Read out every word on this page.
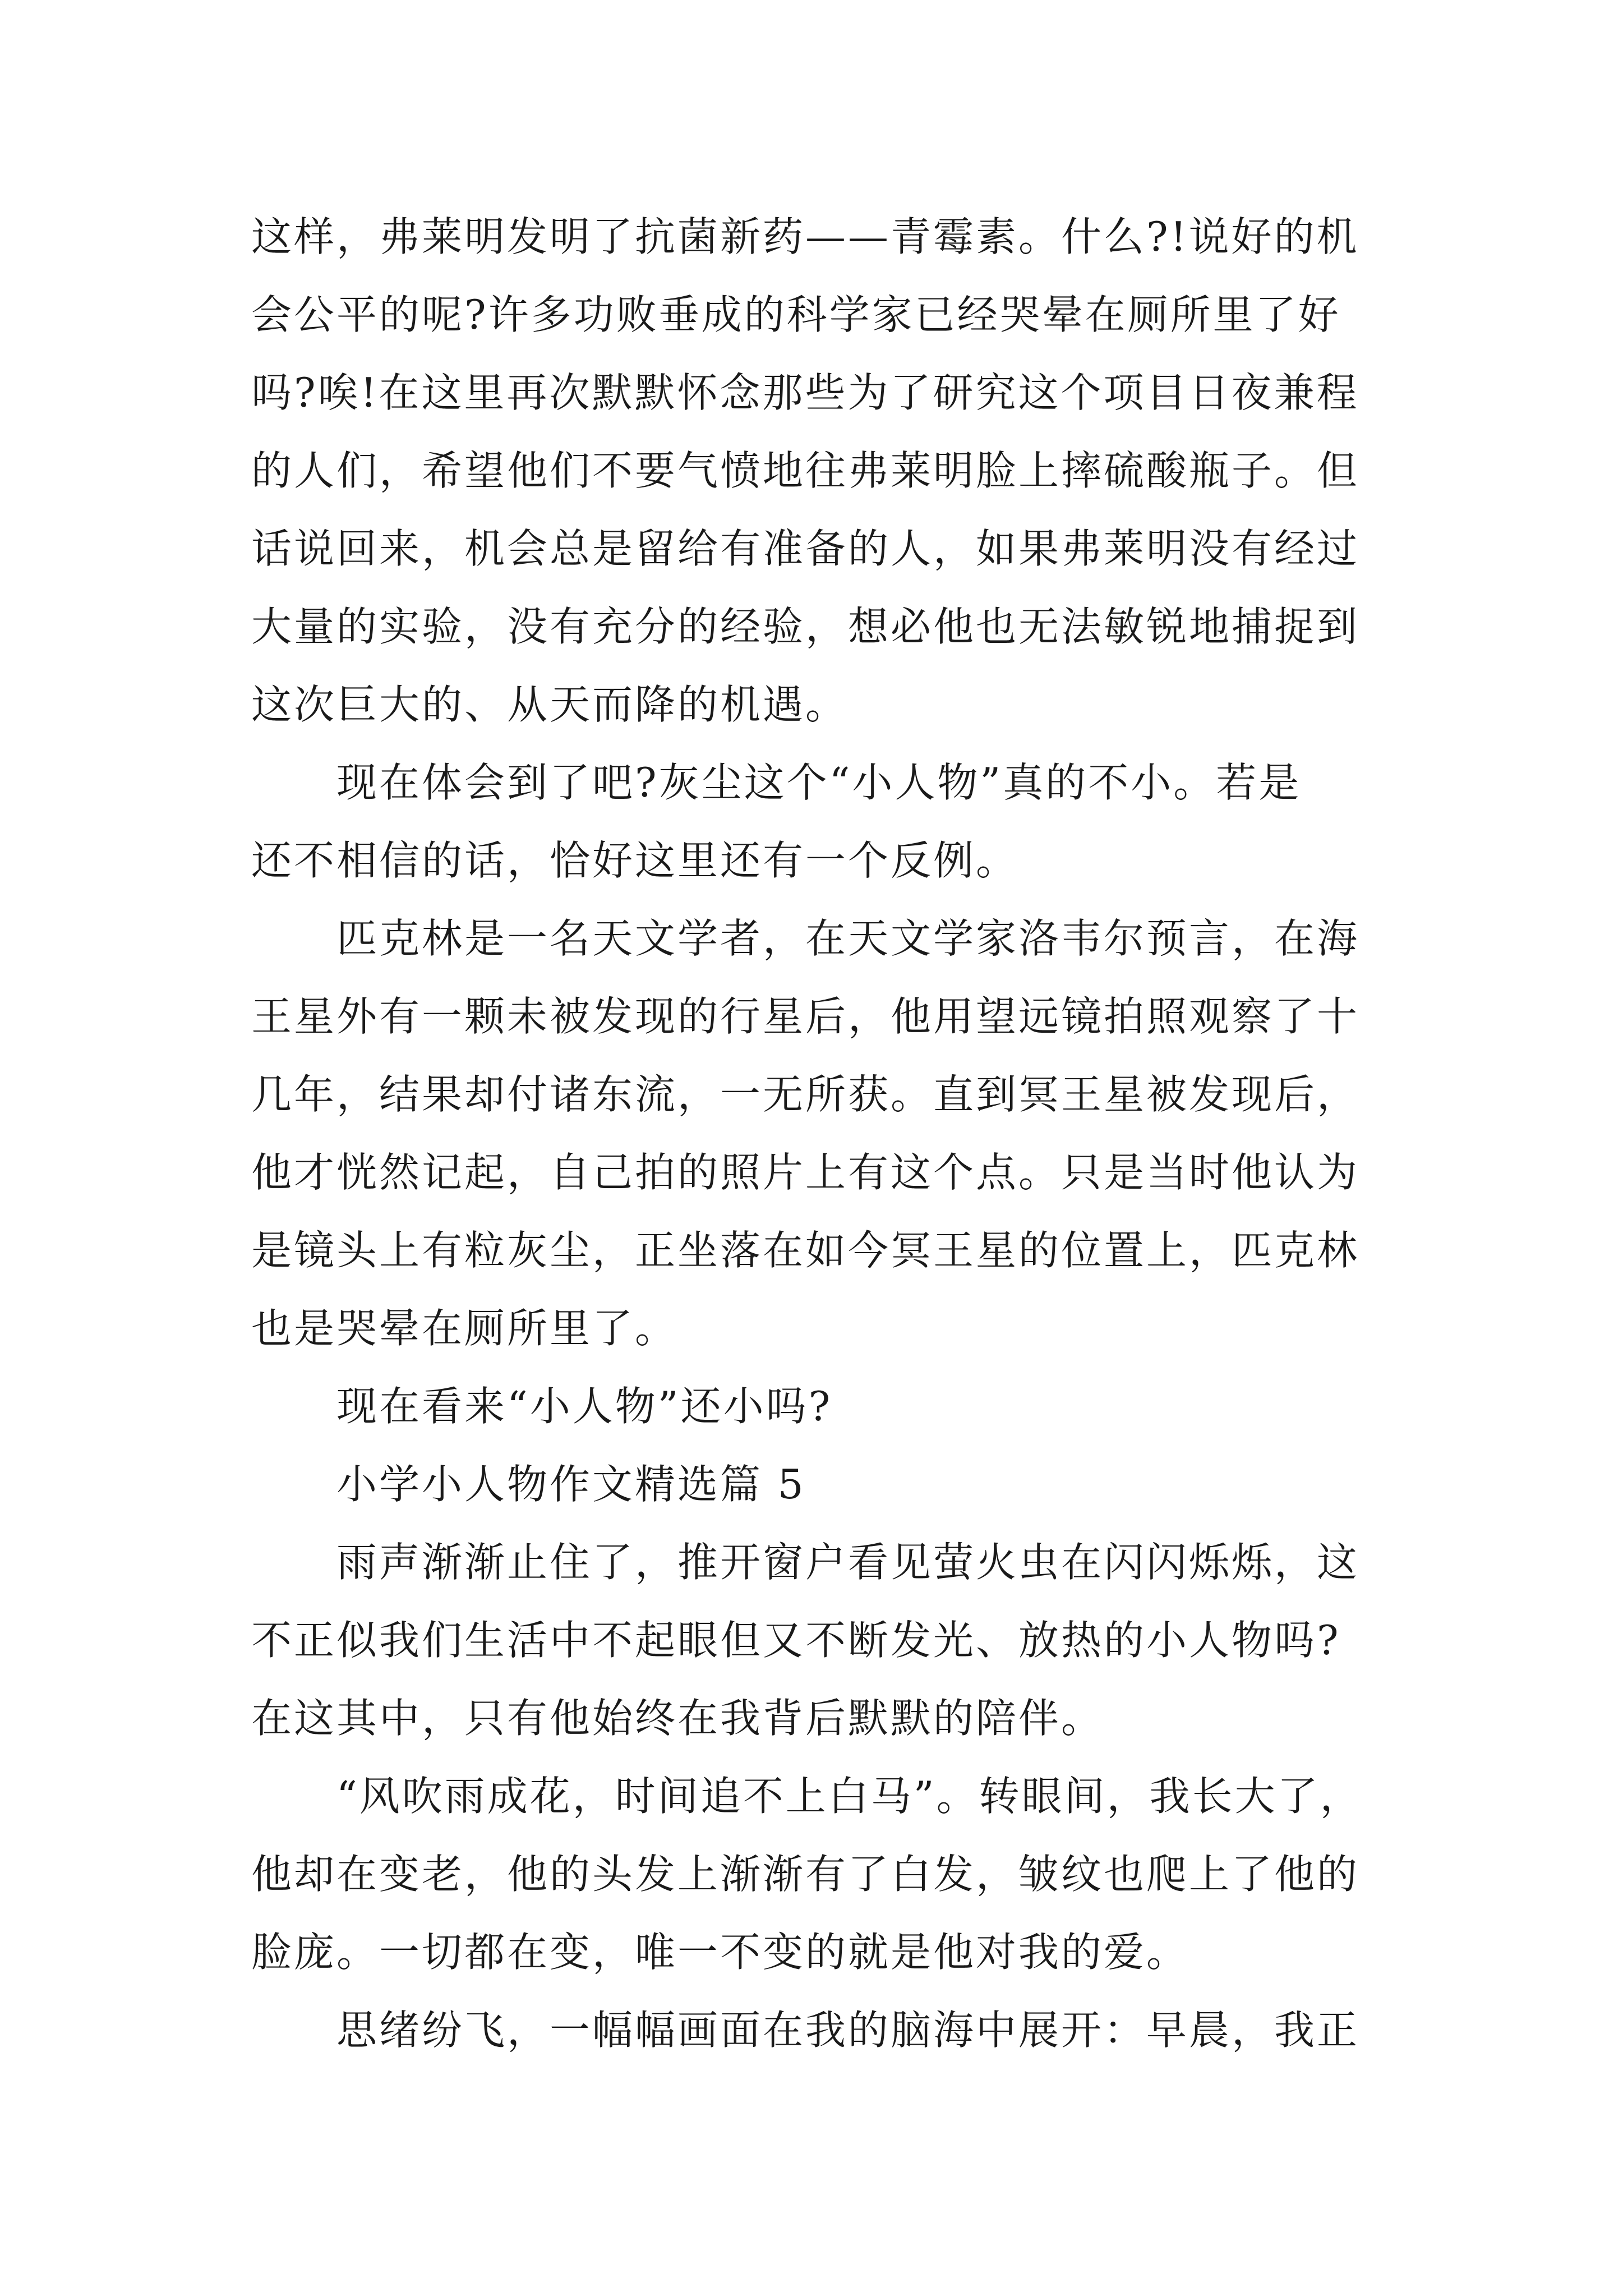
这样，弗莱明发明了抗菌新药——青霉素。什么?!说好的机
会公平的呢?许多功败垂成的科学家已经哭晕在厕所里了好
吗?唉!在这里再次默默怀念那些为了研究这个项目日夜兼程
的人们，希望他们不要气愤地往弗莱明脸上摔硫酸瓶子。但
话说回来，机会总是留给有准备的人，如果弗莱明没有经过
大量的实验，没有充分的经验，想必他也无法敏锐地捕捉到
这次巨大的、从天而降的机遇。
现在体会到了吧?灰尘这个“小人物”真的不小。若是
还不相信的话，恰好这里还有一个反例。
匹克林是一名天文学者，在天文学家洛韦尔预言，在海
王星外有一颗未被发现的行星后，他用望远镜拍照观察了十
几年，结果却付诸东流，一无所获。直到冥王星被发现后，
他才恍然记起，自己拍的照片上有这个点。只是当时他认为
是镜头上有粒灰尘，正坐落在如今冥王星的位置上，匹克林
也是哭晕在厕所里了。
现在看来“小人物”还小吗?
小学小人物作文精选篇 5
雨声渐渐止住了，推开窗户看见萤火虫在闪闪烁烁，这
不正似我们生活中不起眼但又不断发光、放热的小人物吗?
在这其中，只有他始终在我背后默默的陪伴。
“风吹雨成花，时间追不上白马”。转眼间，我长大了，
他却在变老，他的头发上渐渐有了白发，皱纹也爬上了他的
脸庞。一切都在变，唯一不变的就是他对我的爱。
思绪纷飞，一幅幅画面在我的脑海中展开：早晨，我正
